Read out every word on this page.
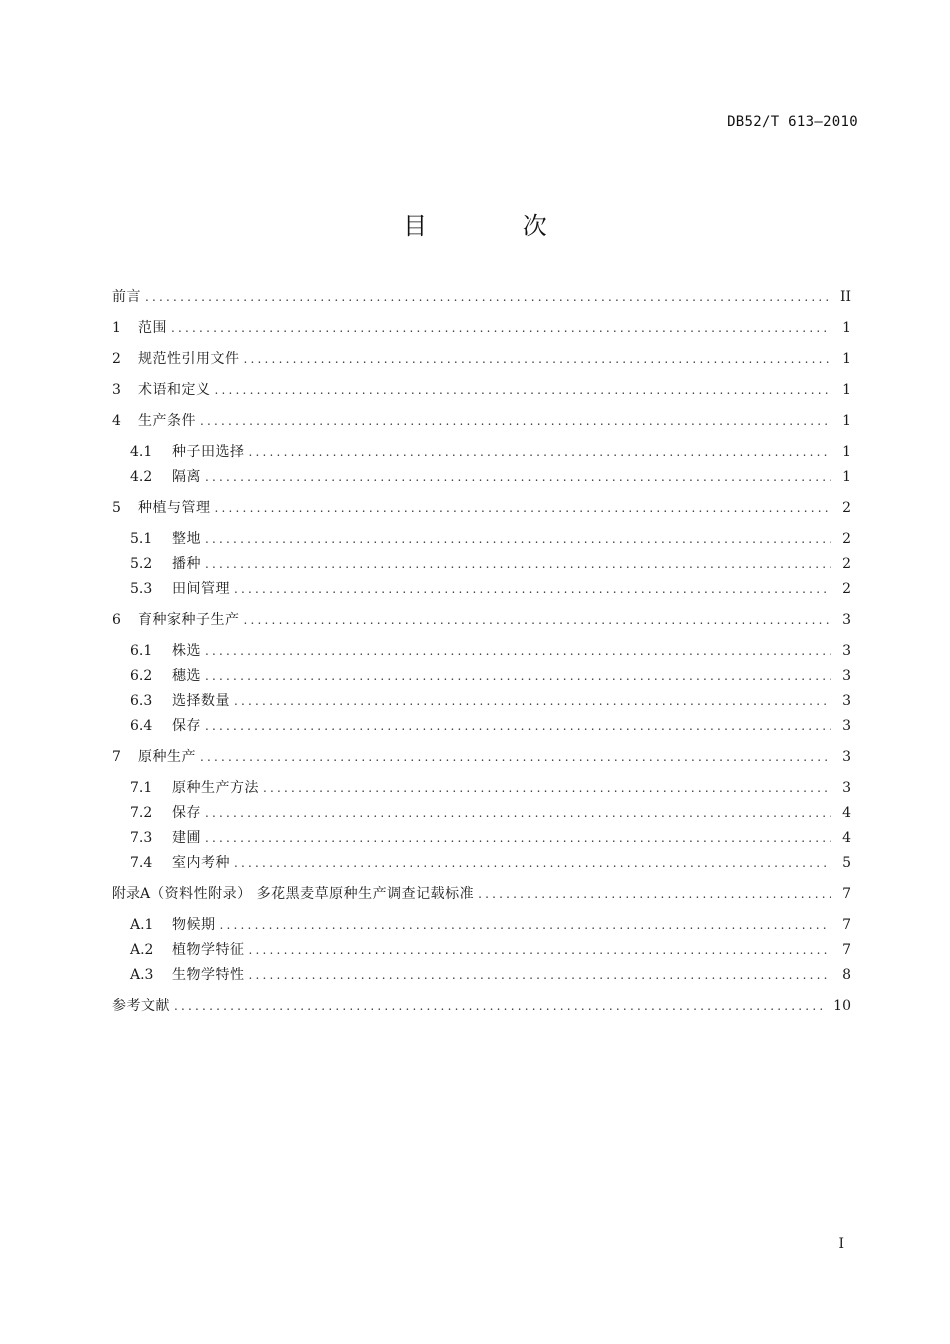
DB52/T 613—2010
目 次
前言 .....	II
1	范围 .....	1
2	规范性引用文件 .....	1
3	术语和定义 .....	1
4	生产条件 .....	1
4.1	种子田选择 .....	1
4.2	隔离 .....	1
5	种植与管理 .....	2
5.1	整地 .....	2
5.2	播种 .....	2
5.3	田间管理 .....	2
6	育种家种子生产 .....	3
6.1	株选 .....	3
6.2	穗选 .....	3
6.3	选择数量 .....	3
6.4	保存 .....	3
7	原种生产 .....	3
7.1	原种生产方法 .....	3
7.2	保存 .....	4
7.3	建圃 .....	4
7.4	室内考种 .....	5
附录A （资料性附录） 多花黑麦草原种生产调查记载标准 .....	7
A.1	物候期 .....	7
A.2	植物学特征 .....	7
A.3	生物学特性 .....	8
参考文献 .....	10
I
